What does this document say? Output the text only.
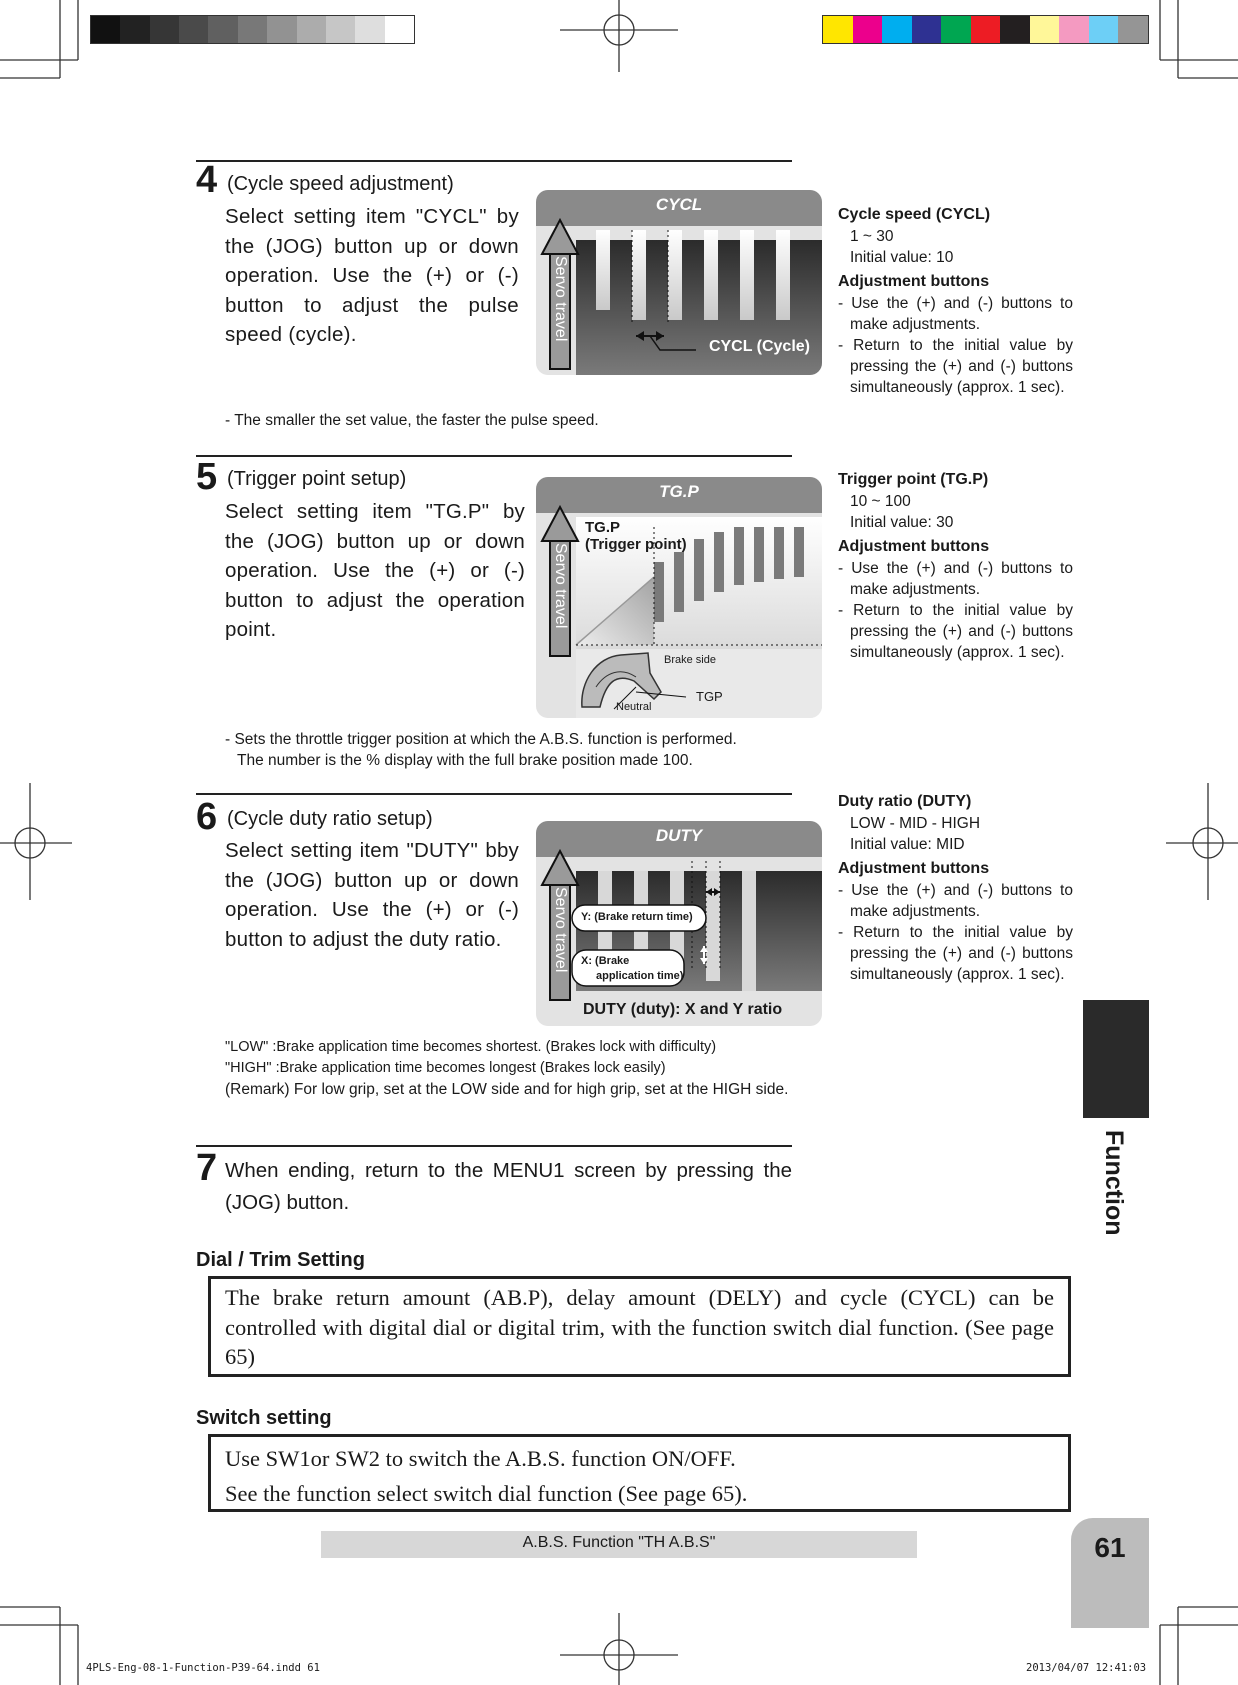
4 (Cycle speed adjustment)
Select setting item "CYCL" by the (JOG) button up or down operation. Use the (+) or (-) button to adjust the pulse speed (cycle).
- The smaller the set value, the faster the pulse speed.
CYCL
Servo travel
CYCL (Cycle)
Cycle speed (CYCL)

1 ~ 30

Initial value: 10

Adjustment buttons

- Use the (+) and (-) buttons to make adjustments.

- Return to the initial value by pressing the (+) and (-) buttons simultaneously (approx. 1 sec).

5 (Trigger point setup)
Select setting item "TG.P" by the (JOG) button up or down operation. Use the (+) or (-) button to adjust the operation point.
- Sets the throttle trigger position at which the A.B.S. function is performed.
The number is the % display with the full brake position made 100.
TG.P
Servo travel
TG.P
(Trigger point)
Brake side
Neutral
TGP
Trigger point (TG.P)

10 ~ 100

Initial value: 30

Adjustment buttons

- Use the (+) and (-) buttons to make adjustments.

- Return to the initial value by pressing the (+) and (-) buttons simultaneously (approx. 1 sec).

6 (Cycle duty ratio setup)
Select setting item "DUTY" bby the (JOG) button up or down operation. Use the (+) or (-) button to adjust the duty ratio.
"LOW" :Brake application time becomes shortest. (Brakes lock with difficulty)
"HIGH" :Brake application time becomes longest (Brakes lock easily)
(Remark) For low grip, set at the LOW side and for high grip, set at the HIGH side.
DUTY
Servo travel Y: (Brake return time)
X: (Brake
application time)
DUTY (duty): X and Y ratio
Duty ratio (DUTY)

LOW - MID - HIGH

Initial value: MID

Adjustment buttons

- Use the (+) and (-) buttons to make adjustments.

- Return to the initial value by pressing the (+) and (-) buttons simultaneously (approx. 1 sec).

7 When ending, return to the MENU1 screen by pressing the (JOG) button.
Dial / Trim Setting

The brake return amount (AB.P), delay amount (DELY) and cycle (CYCL) can be controlled with digital dial or digital trim, with the function switch dial function. (See page 65)

Switch setting

Use SW1or SW2 to switch the A.B.S. function ON/OFF.

See the function select switch dial function (See page 65).

Function
A.B.S. Function "TH A.B.S"	61
4PLS-Eng-08-1-Function-P39-64.indd 61	2013/04/07 12:41:03
